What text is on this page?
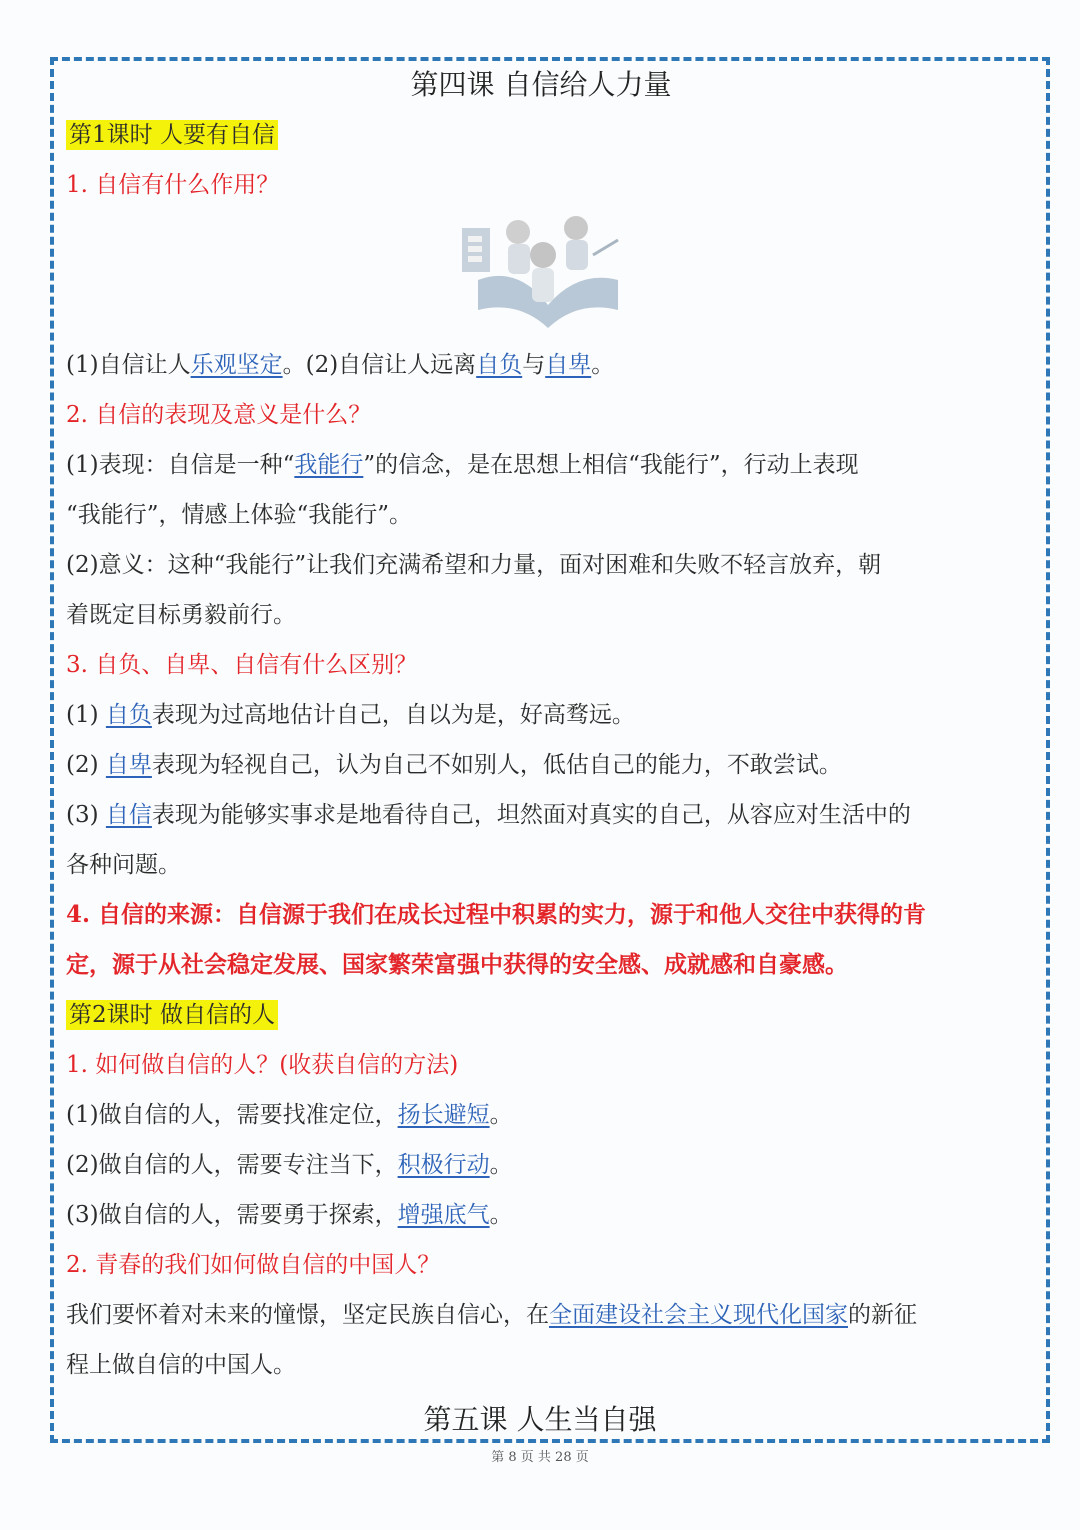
第四课 自信给人力量
第1课时 人要有自信
1. 自信有什么作用？
(1)自信让人乐观坚定。(2)自信让人远离自负与自卑。
2. 自信的表现及意义是什么？
(1)表现：自信是一种“我能行”的信念，是在思想上相信“我能行”，行动上表现
“我能行”，情感上体验“我能行”。
(2)意义：这种“我能行”让我们充满希望和力量，面对困难和失败不轻言放弃，朝
着既定目标勇毅前行。
3. 自负、自卑、自信有什么区别？
(1) 自负表现为过高地估计自己，自以为是，好高骛远。
(2) 自卑表现为轻视自己，认为自己不如别人，低估自己的能力，不敢尝试。
(3) 自信表现为能够实事求是地看待自己，坦然面对真实的自己，从容应对生活中的
各种问题。
4. 自信的来源：自信源于我们在成长过程中积累的实力，源于和他人交往中获得的肯
定，源于从社会稳定发展、国家繁荣富强中获得的安全感、成就感和自豪感。
第2课时 做自信的人
1. 如何做自信的人？(收获自信的方法)
(1)做自信的人，需要找准定位，扬长避短。
(2)做自信的人，需要专注当下，积极行动。
(3)做自信的人，需要勇于探索，增强底气。
2. 青春的我们如何做自信的中国人？
我们要怀着对未来的憧憬，坚定民族自信心，在全面建设社会主义现代化国家的新征
程上做自信的中国人。
第五课 人生当自强
第 8 页 共 28 页
